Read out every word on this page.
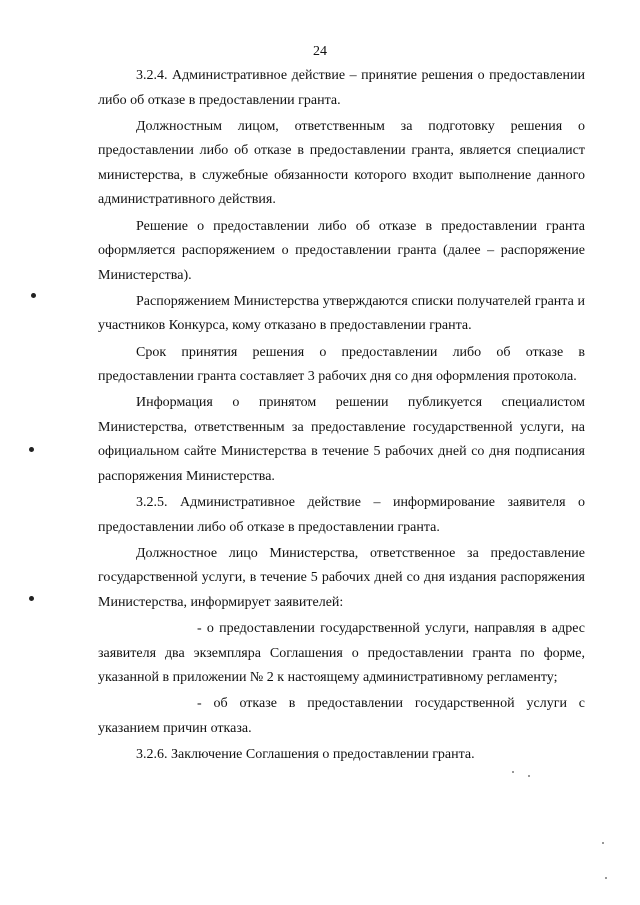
24

3.2.4. Административное действие – принятие решения о предоставлении либо об отказе в предоставлении гранта.

Должностным лицом, ответственным за подготовку решения о предоставлении либо об отказе в предоставлении гранта, является специалист министерства, в служебные обязанности которого входит выполнение данного административного действия.

Решение о предоставлении либо об отказе в предоставлении гранта оформляется распоряжением о предоставлении гранта (далее – распоряжение Министерства).

Распоряжением Министерства утверждаются списки получателей гранта и участников Конкурса, кому отказано в предоставлении гранта.

Срок принятия решения о предоставлении либо об отказе в предоставлении гранта составляет 3 рабочих дня со дня оформления протокола.

Информация о принятом решении публикуется специалистом Министерства, ответственным за предоставление государственной услуги, на официальном сайте Министерства в течение 5 рабочих дней со дня подписания распоряжения Министерства.

3.2.5. Административное действие – информирование заявителя о предоставлении либо об отказе в предоставлении гранта.

Должностное лицо Министерства, ответственное за предоставление государственной услуги, в течение 5 рабочих дней со дня издания распоряжения Министерства, информирует заявителей:

- о предоставлении государственной услуги, направляя в адрес заявителя два экземпляра Соглашения о предоставлении гранта по форме, указанной в приложении № 2 к настоящему административному регламенту;

- об отказе в предоставлении государственной услуги с указанием причин отказа.

3.2.6. Заключение Соглашения о предоставлении гранта.
